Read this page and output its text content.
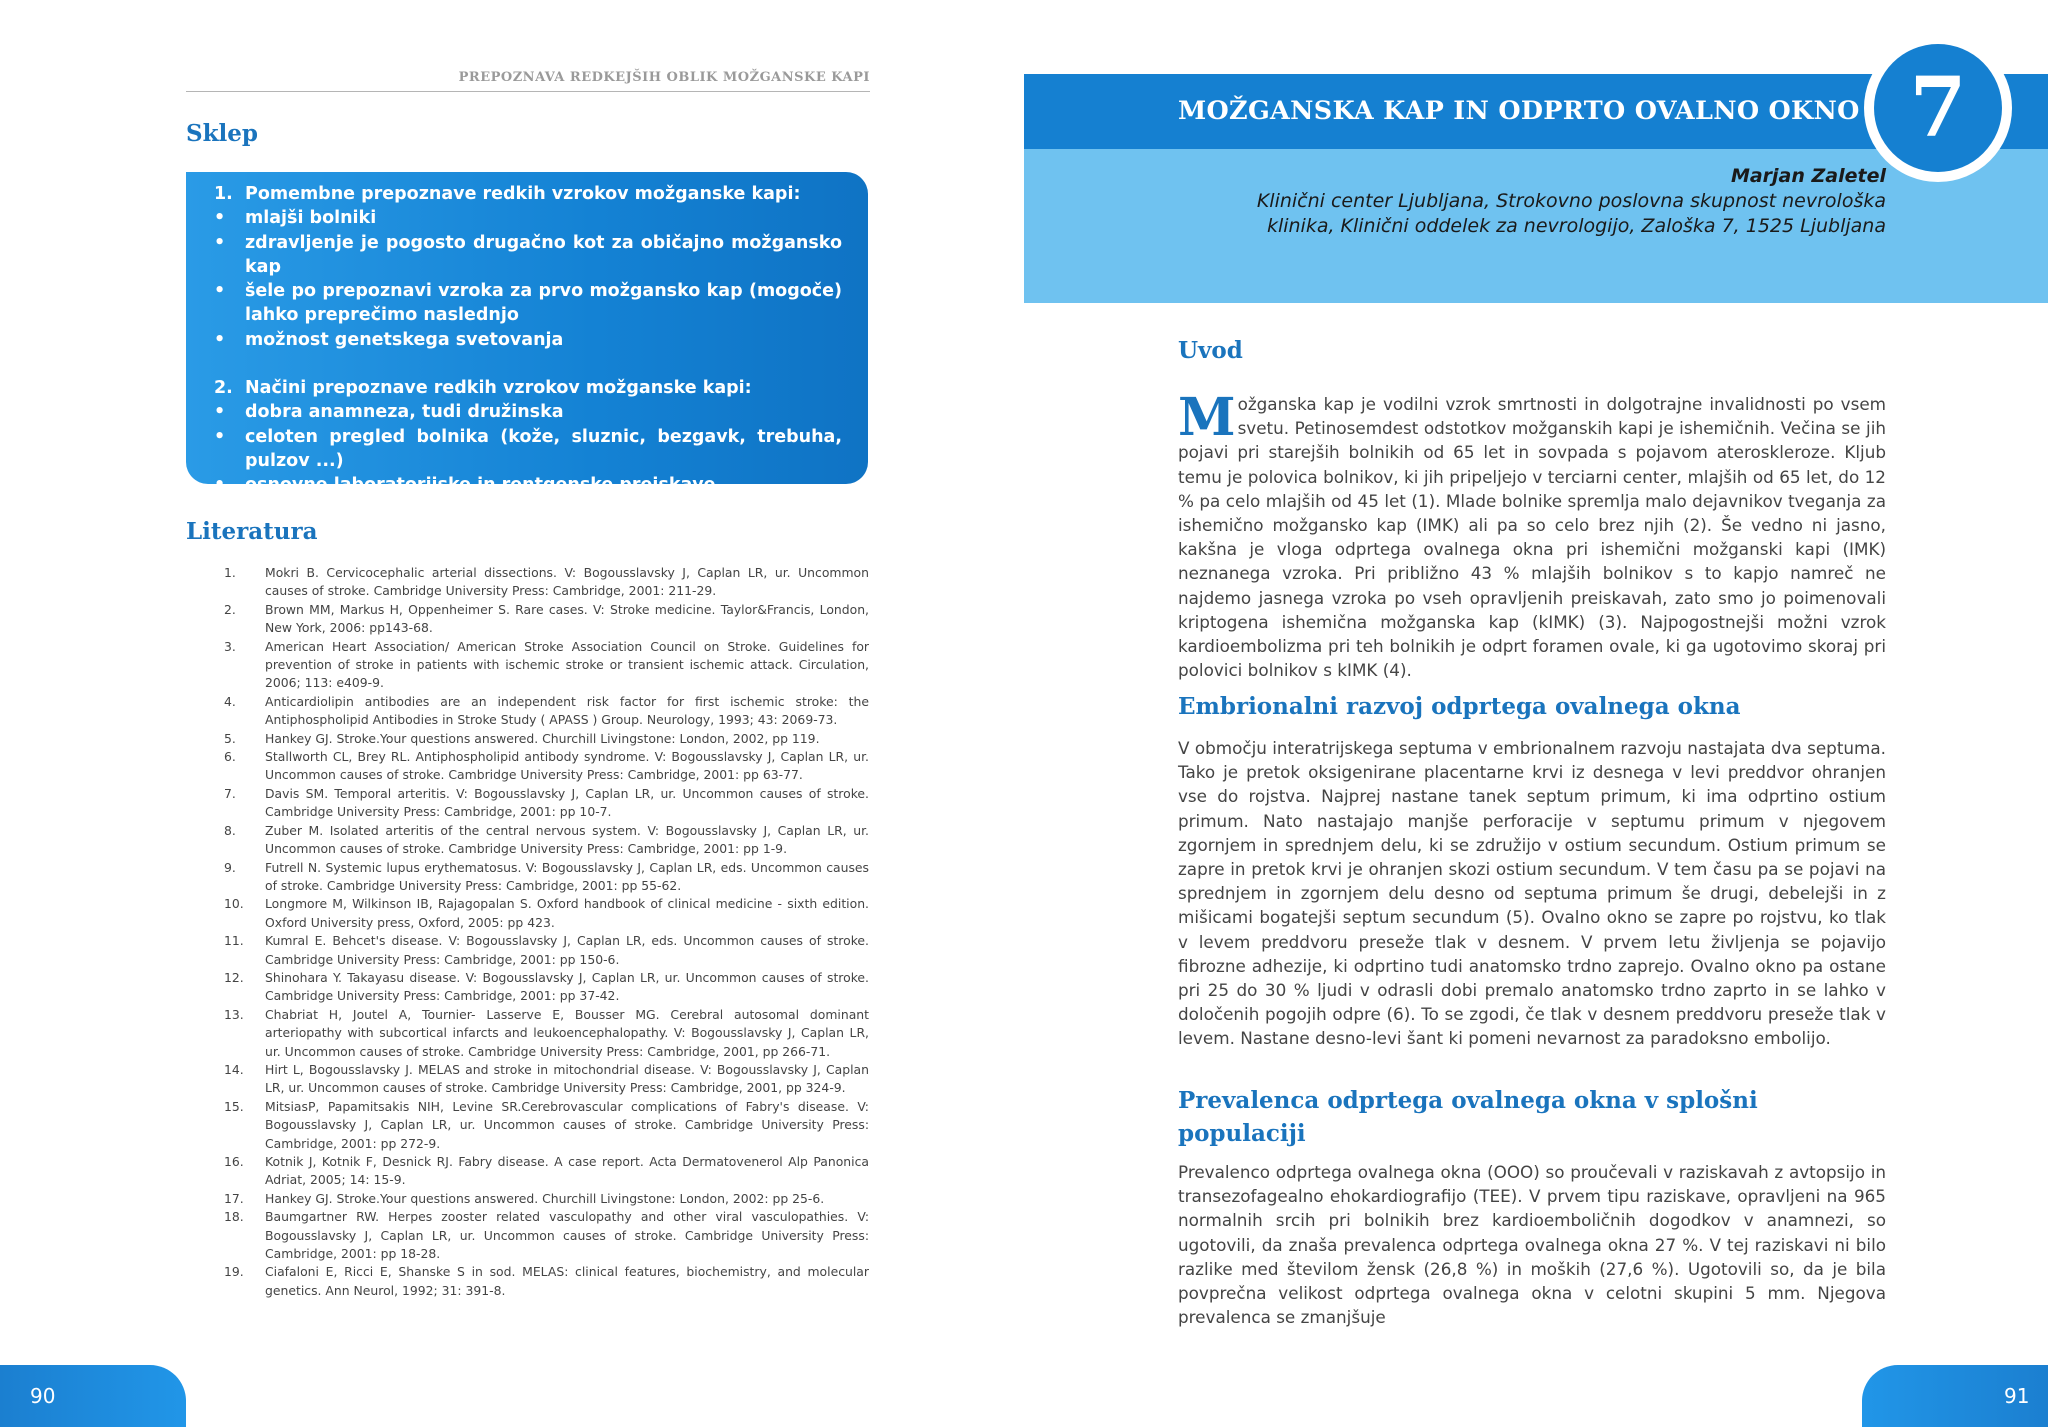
PREPOZNAVA REDKEJŠIH OBLIK MOŽGANSKE KAPI
Sklep
1. Pomembne prepoznave redkih vzrokov možganske kapi:
• mlajši bolniki
• zdravljenje je pogosto drugačno kot za običajno možgansko kap
• šele po prepoznavi vzroka za prvo možgansko kap (mogoče) lahko preprečimo naslednjo
• možnost genetskega svetovanja
2. Načini prepoznave redkih vzrokov možganske kapi:
• dobra anamneza, tudi družinska
• celoten pregled bolnika (kože, sluznic, bezgavk, trebuha, pulzov ...)
• osnovne laboratorijske in rentgenske preiskave
• usmerjena zahtevnejša diagnostika na temelju rezultatov
Literatura
1. Mokri B. Cervicocephalic arterial dissections. V: Bogousslavsky J, Caplan LR, ur. Uncommon causes of stroke. Cambridge University Press: Cambridge, 2001: 211-29.
2. Brown MM, Markus H, Oppenheimer S. Rare cases. V: Stroke medicine. Taylor&Francis, London, New York, 2006: pp143-68.
3. American Heart Association/ American Stroke Association Council on Stroke. Guidelines for prevention of stroke in patients with ischemic stroke or transient ischemic attack. Circulation, 2006; 113: e409-9.
4. Anticardiolipin antibodies are an independent risk factor for first ischemic stroke: the Antiphospholipid Antibodies in Stroke Study ( APASS ) Group. Neurology, 1993; 43: 2069-73.
5. Hankey GJ. Stroke.Your questions answered. Churchill Livingstone: London, 2002, pp 119.
6. Stallworth CL, Brey RL. Antiphospholipid antibody syndrome. V: Bogousslavsky J, Caplan LR, ur. Uncommon causes of stroke. Cambridge University Press: Cambridge, 2001: pp 63-77.
7. Davis SM. Temporal arteritis. V: Bogousslavsky J, Caplan LR, ur. Uncommon causes of stroke. Cambridge University Press: Cambridge, 2001: pp 10-7.
8. Zuber M. Isolated arteritis of the central nervous system. V: Bogousslavsky J, Caplan LR, ur. Uncommon causes of stroke. Cambridge University Press: Cambridge, 2001: pp 1-9.
9. Futrell N. Systemic lupus erythematosus. V: Bogousslavsky J, Caplan LR, eds. Uncommon causes of stroke. Cambridge University Press: Cambridge, 2001: pp 55-62.
10. Longmore M, Wilkinson IB, Rajagopalan S. Oxford handbook of clinical medicine - sixth edition. Oxford University press, Oxford, 2005: pp 423.
11. Kumral E. Behcet's disease. V: Bogousslavsky J, Caplan LR, eds. Uncommon causes of stroke. Cambridge University Press: Cambridge, 2001: pp 150-6.
12. Shinohara Y. Takayasu disease. V: Bogousslavsky J, Caplan LR, ur. Uncommon causes of stroke. Cambridge University Press: Cambridge, 2001: pp 37-42.
13. Chabriat H, Joutel A, Tournier- Lasserve E, Bousser MG. Cerebral autosomal dominant arteriopathy with subcortical infarcts and leukoencephalopathy. V: Bogousslavsky J, Caplan LR, ur. Uncommon causes of stroke. Cambridge University Press: Cambridge, 2001, pp 266-71.
14. Hirt L, Bogousslavsky J. MELAS and stroke in mitochondrial disease. V: Bogousslavsky J, Caplan LR, ur. Uncommon causes of stroke. Cambridge University Press: Cambridge, 2001, pp 324-9.
15. MitsiasP, Papamitsakis NIH, Levine SR.Cerebrovascular complications of Fabry's disease. V: Bogousslavsky J, Caplan LR, ur. Uncommon causes of stroke. Cambridge University Press: Cambridge, 2001: pp 272-9.
16. Kotnik J, Kotnik F, Desnick RJ. Fabry disease. A case report. Acta Dermatovenerol Alp Panonica Adriat, 2005; 14: 15-9.
17. Hankey GJ. Stroke.Your questions answered. Churchill Livingstone: London, 2002: pp 25-6.
18. Baumgartner RW. Herpes zooster related vasculopathy and other viral vasculopathies. V: Bogousslavsky J, Caplan LR, ur. Uncommon causes of stroke. Cambridge University Press: Cambridge, 2001: pp 18-28.
19. Ciafaloni E, Ricci E, Shanske S in sod. MELAS: clinical features, biochemistry, and molecular genetics. Ann Neurol, 1992; 31: 391-8.
90
MOŽGANSKA KAP IN ODPRTO OVALNO OKNO
Marjan Zaletel
Klinični center Ljubljana, Strokovno poslovna skupnost nevrološka
klinika, Klinični oddelek za nevrologijo, Zaloška 7, 1525 Ljubljana
7
Uvod
Možganska kap je vodilni vzrok smrtnosti in dolgotrajne invalidnosti po vsem svetu. Petinosemdest odstotkov možganskih kapi je ishemičnih. Večina se jih pojavi pri starejših bolnikih od 65 let in sovpada s pojavom ateroskleroze. Kljub temu je polovica bolnikov, ki jih pripeljejo v terciarni center, mlajših od 65 let, do 12 % pa celo mlajših od 45 let (1). Mlade bolnike spremlja malo dejavnikov tveganja za ishemično možgansko kap (IMK) ali pa so celo brez njih (2). Še vedno ni jasno, kakšna je vloga odprtega ovalnega okna pri ishemični možganski kapi (IMK) neznanega vzroka. Pri približno 43 % mlajših bolnikov s to kapjo namreč ne najdemo jasnega vzroka po vseh opravljenih preiskavah, zato smo jo poimenovali kriptogena ishemična možganska kap (kIMK) (3). Najpogostnejši možni vzrok kardioembolizma pri teh bolnikih je odprt foramen ovale, ki ga ugotovimo skoraj pri polovici bolnikov s kIMK (4).
Embrionalni razvoj odprtega ovalnega okna
V območju interatrijskega septuma v embrionalnem razvoju nastajata dva septuma. Tako je pretok oksigenirane placentarne krvi iz desnega v levi preddvor ohranjen vse do rojstva. Najprej nastane tanek septum primum, ki ima odprtino ostium primum. Nato nastajajo manjše perforacije v septumu primum v njegovem zgornjem in sprednjem delu, ki se združijo v ostium secundum. Ostium primum se zapre in pretok krvi je ohranjen skozi ostium secundum. V tem času pa se pojavi na sprednjem in zgornjem delu desno od septuma primum še drugi, debelejši in z mišicami bogatejši septum secundum (5). Ovalno okno se zapre po rojstvu, ko tlak v levem preddvoru preseže tlak v desnem. V prvem letu življenja se pojavijo fibrozne adhezije, ki odprtino tudi anatomsko trdno zaprejo. Ovalno okno pa ostane pri 25 do 30 % ljudi v odrasli dobi premalo anatomsko trdno zaprto in se lahko v določenih pogojih odpre (6). To se zgodi, če tlak v desnem preddvoru preseže tlak v levem. Nastane desno-levi šant ki pomeni nevarnost za paradoksno embolijo.
Prevalenca odprtega ovalnega okna v splošni populaciji
Prevalenco odprtega ovalnega okna (OOO) so proučevali v raziskavah z avtopsijo in transezofagealno ehokardiografijo (TEE). V prvem tipu raziskave, opravljeni na 965 normalnih srcih pri bolnikih brez kardioemboličnih dogodkov v anamnezi, so ugotovili, da znaša prevalenca odprtega ovalnega okna 27 %. V tej raziskavi ni bilo razlike med številom žensk (26,8 %) in moških (27,6 %). Ugotovili so, da je bila povprečna velikost odprtega ovalnega okna v celotni skupini 5 mm. Njegova prevalenca se zmanjšuje
91
